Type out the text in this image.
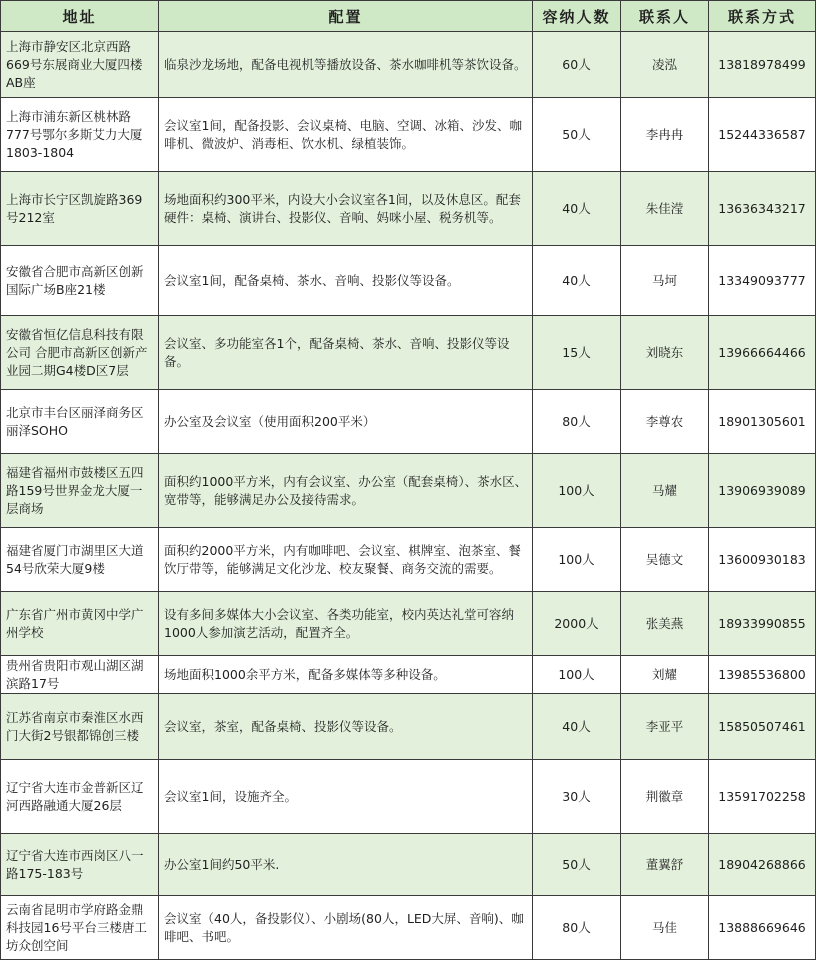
地址	配置	容纳人数	联系人	联系方式
上海市静安区北京西路669号东展商业大厦四楼AB座	临泉沙龙场地，配备电视机等播放设备、茶水咖啡机等茶饮设备。	60人	凌泓	13818978499
上海市浦东新区桃林路777号鄂尔多斯艾力大厦1803-1804	会议室1间，配备投影、会议桌椅、电脑、空调、冰箱、沙发、咖啡机、微波炉、消毒柜、饮水机、绿植装饰。	50人	李冉冉	15244336587
上海市长宁区凯旋路369号212室	场地面积约300平米，内设大小会议室各1间，以及休息区。配套硬件：桌椅、演讲台、投影仪、音响、妈咪小屋、税务机等。	40人	朱佳滢	13636343217
安徽省合肥市高新区创新国际广场B座21楼	会议室1间，配备桌椅、茶水、音响、投影仪等设备。	40人	马坷	13349093777
安徽省恒亿信息科技有限公司 合肥市高新区创新产业园二期G4楼D区7层	会议室、多功能室各1个，配备桌椅、茶水、音响、投影仪等设备。	15人	刘晓东	13966664466
北京市丰台区丽泽商务区丽泽SOHO	办公室及会议室（使用面积200平米）	80人	李尊农	18901305601
福建省福州市鼓楼区五四路159号世界金龙大厦一层商场	面积约1000平方米，内有会议室、办公室（配套桌椅）、茶水区、宽带等，能够满足办公及接待需求。	100人	马耀	13906939089
福建省厦门市湖里区大道54号欣荣大厦9楼	面积约2000平方米，内有咖啡吧、会议室、棋牌室、泡茶室、餐饮厅带等，能够满足文化沙龙、校友聚餐、商务交流的需要。	100人	吴德文	13600930183
广东省广州市黄冈中学广州学校	设有多间多媒体大小会议室、各类功能室，校内英达礼堂可容纳1000人参加演艺活动，配置齐全。	2000人	张美燕	18933990855
贵州省贵阳市观山湖区湖滨路17号	场地面积1000余平方米，配备多媒体等多种设备。	100人	刘耀	13985536800
江苏省南京市秦淮区水西门大街2号银都锦创三楼	会议室，茶室，配备桌椅、投影仪等设备。	40人	李亚平	15850507461
辽宁省大连市金普新区辽河西路融通大厦26层	会议室1间，设施齐全。	30人	荆徽章	13591702258
辽宁省大连市西岗区八一路175-183号	办公室1间约50平米.	50人	董翼舒	18904268866
云南省昆明市学府路金鼎科技园16号平台三楼唐工坊众创空间	会议室（40人，备投影仪）、小剧场(80人，LED大屏、音响)、咖啡吧、书吧。	80人	马佳	13888669646
